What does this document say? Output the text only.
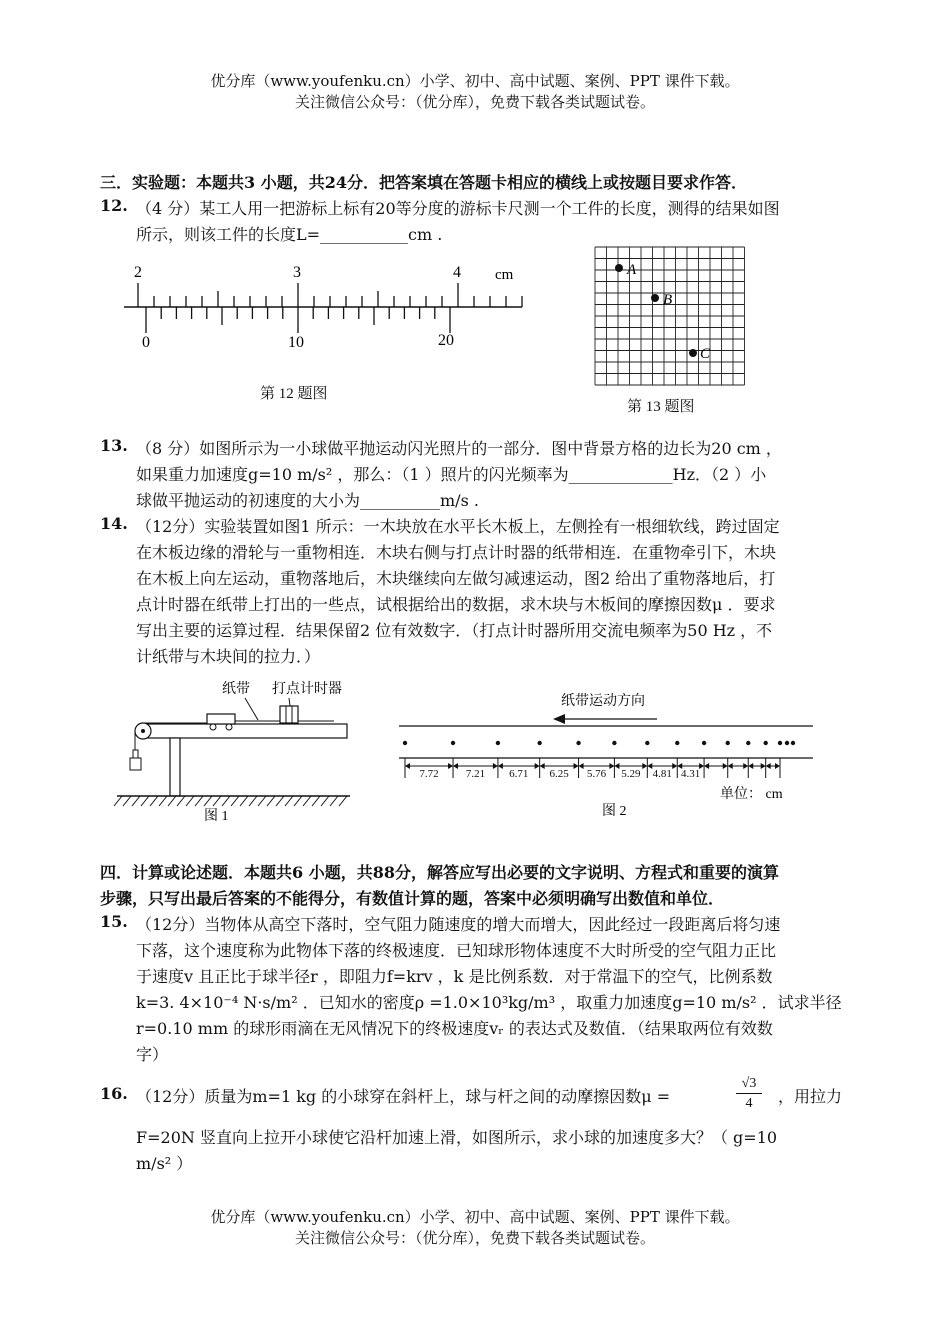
优分库（www.youfenku.cn）小学、初中、高中试题、案例、PPT 课件下载。
关注微信公众号：（优分库），免费下载各类试题试卷。
三．实验题：本题共3 小题，共24分．把答案填在答题卡相应的横线上或按题目要求作答．
12. （4 分）某工人用一把游标上标有20等分度的游标卡尺测一个工件的长度，测得的结果如图
所示，则该工件的长度L=___________cm .
2	3	4 cm
0	10	20
第 12 题图
A
B
C
第 13 题图
13. （8 分）如图所示为一小球做平抛运动闪光照片的一部分．图中背景方格的边长为20 cm ，
如果重力加速度g=10 m/s² ，那么：（1 ）照片的闪光频率为_____________Hz．（2 ）小
球做平抛运动的初速度的大小为__________m/s .
14. （12分）实验装置如图1 所示：一木块放在水平长木板上，左侧拴有一根细软线，跨过固定
在木板边缘的滑轮与一重物相连．木块右侧与打点计时器的纸带相连．在重物牵引下，木块
在木板上向左运动，重物落地后，木块继续向左做匀减速运动，图2 给出了重物落地后，打
点计时器在纸带上打出的一些点，试根据给出的数据，求木块与木板间的摩擦因数μ ．要求
写出主要的运算过程．结果保留2 位有效数字．（打点计时器所用交流电频率为50 Hz ，不
计纸带与木块间的拉力．）
纸带 打点计时器
图 1
纸带运动方向
7.72 7.21 6.71 6.25 5.76 5.29 4.81 4.31
单位： cm
图 2
四．计算或论述题．本题共6 小题，共88分，解答应写出必要的文字说明、方程式和重要的演算
步骤，只写出最后答案的不能得分，有数值计算的题，答案中必须明确写出数值和单位．
15. （12分）当物体从高空下落时，空气阻力随速度的增大而增大，因此经过一段距离后将匀速
下落，这个速度称为此物体下落的终极速度．已知球形物体速度不大时所受的空气阻力正比
于速度v 且正比于球半径r ，即阻力f=krv ，k 是比例系数．对于常温下的空气，比例系数
k=3. 4×10⁻⁴ N·s/m² ．已知水的密度ρ =1.0×10³kg/m³ ，取重力加速度g=10 m/s² ．试求半径
r=0.10 mm 的球形雨滴在无风情况下的终极速度vᵣ 的表达式及数值．（结果取两位有效数
字）
16. （12分）质量为m=1 kg 的小球穿在斜杆上，球与杆之间的动摩擦因数μ =	$\frac{√3}{4}$ ，用拉力
F=20N 竖直向上拉开小球使它沿杆加速上滑，如图所示，求小球的加速度多大？（ g=10
m/s² ）
优分库（www.youfenku.cn）小学、初中、高中试题、案例、PPT 课件下载。
关注微信公众号：（优分库），免费下载各类试题试卷。
